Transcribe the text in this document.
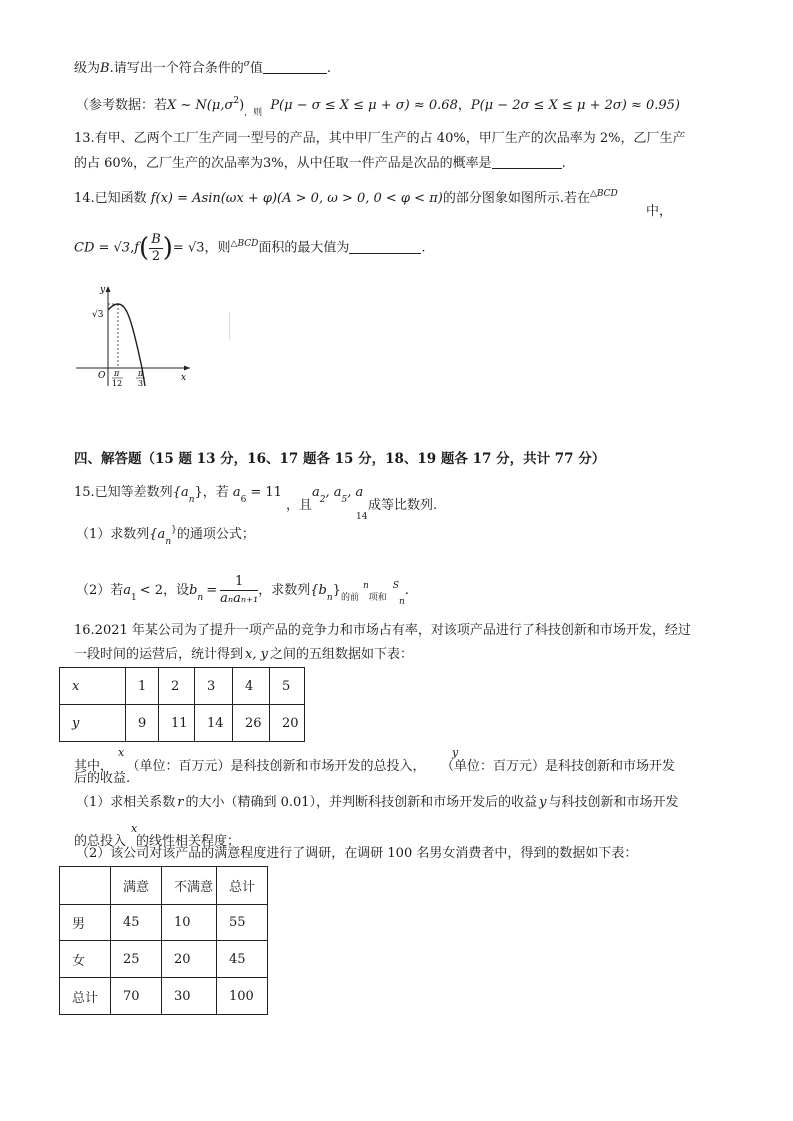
级为B.请写出一个符合条件的$^\sigma$值	.
（参考数据：若X ~ $N(\mu,\sigma^2)_{,则}$ P(μ − σ ≤ X ≤ μ + σ) ≈ 0.68，P(μ − 2σ ≤ X ≤ μ + 2σ) ≈ 0.95)
13.有甲、乙两个工厂生产同一型号的产品，其中甲厂生产的占 40%，甲厂生产的次品率为 2%，乙厂生产
的占 60%，乙厂生产的次品率为3%，从中任取一件产品是次品的概率是	.
14.已知函数 f(x) = Asin(ωx + φ)(A > 0, ω > 0, 0 < φ < π)的部分图象如图所示.若在$^{\triangle BCD}$
中，
CD = $√3,f( \frac{B}{2}$ )= √3，则$^{\triangle BCD}$面积的最大值为	.
y
x
O
√3
π
12
π
3
四、解答题（15 题 13 分，16、17 题各 15 分，18、19 题各 17 分，共计 77 分）
15.已知等差数列$\{a_n\}$，若 $a_6 = 11$
，且
$a_2$, $a_5$, a
14
成等比数列.
（1）求数列{$a_n^{\}}$的通项公式；
（2）若$a_1 < 2$，设$b_n = \frac{1}{\text{aₙaₙ₊₁}}$ ，求数列$\{b_n\}_{的前}^n_{项和}^S_n$.
16.2021 年某公司为了提升一项产品的竞争力和市场占有率，对该项产品进行了科技创新和市场开发，经过
一段时间的运营后，统计得到 x, y 之间的五组数据如下表：
x	1	2	3	4	5
y	9	11	14	26	20
x	y
其中， （单位：百万元）是科技创新和市场开发的总投入， （单位：百万元）是科技创新和市场开发
后的收益.
（1）求相关系数 r 的大小（精确到 0.01），并判断科技创新和市场开发后的收益 y 与科技创新和市场开发
x
的总投入 的线性相关程度；
（2）该公司对该产品的满意程度进行了调研，在调研 100 名男女消费者中，得到的数据如下表：
	满意	不满意	总计
男	45	10	55
女	25	20	45
总计	70	30	100
